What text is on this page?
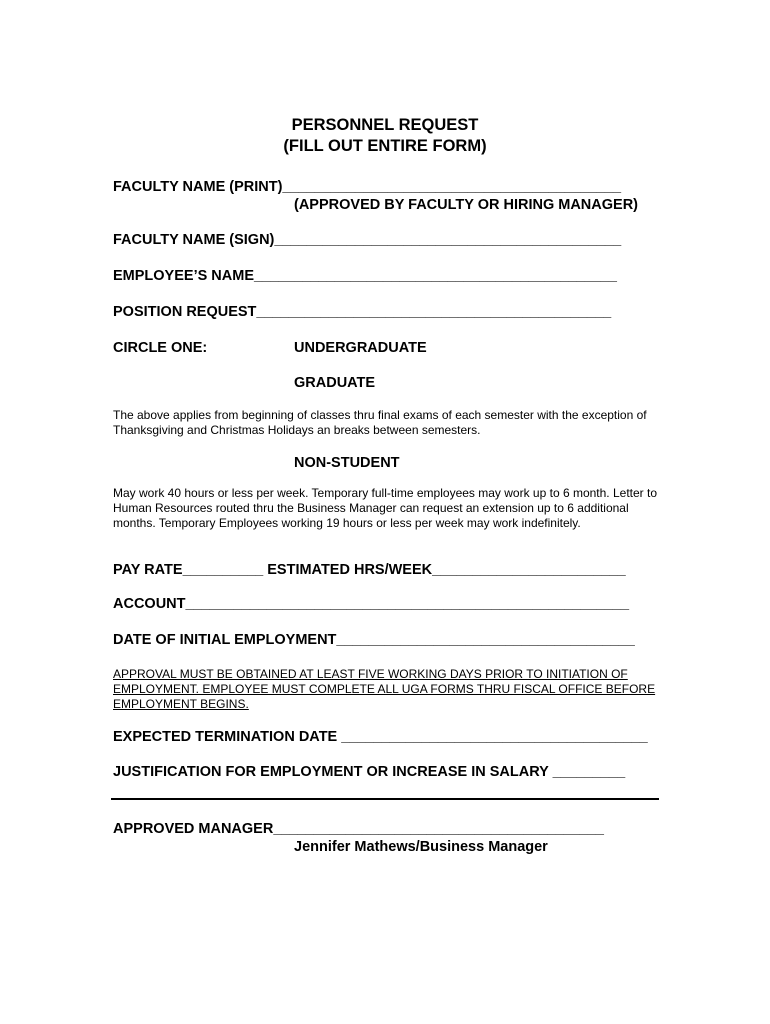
PERSONNEL REQUEST
(FILL OUT ENTIRE FORM)
FACULTY NAME (PRINT)__________________________________________
(APPROVED BY FACULTY OR HIRING MANAGER)
FACULTY NAME (SIGN)___________________________________________
EMPLOYEE’S NAME_____________________________________________
POSITION REQUEST____________________________________________
CIRCLE ONE:	UNDERGRADUATE
GRADUATE
The above applies from beginning of classes thru final exams of each semester with the exception of Thanksgiving and Christmas Holidays an breaks between semesters.
NON-STUDENT
May work 40 hours or less per week. Temporary full-time employees may work up to 6 month. Letter to Human Resources routed thru the Business Manager can request an extension up to 6 additional months. Temporary Employees working 19 hours or less per week may work indefinitely.
PAY RATE__________ ESTIMATED HRS/WEEK________________________
ACCOUNT_______________________________________________________
DATE OF INITIAL EMPLOYMENT_____________________________________
APPROVAL MUST BE OBTAINED AT LEAST FIVE WORKING DAYS PRIOR TO INITIATION OF EMPLOYMENT. EMPLOYEE MUST COMPLETE ALL UGA FORMS THRU FISCAL OFFICE BEFORE EMPLOYMENT BEGINS.
EXPECTED TERMINATION DATE ______________________________________
JUSTIFICATION FOR EMPLOYMENT OR INCREASE IN SALARY _________
APPROVED MANAGER_________________________________________
Jennifer Mathews/Business Manager
